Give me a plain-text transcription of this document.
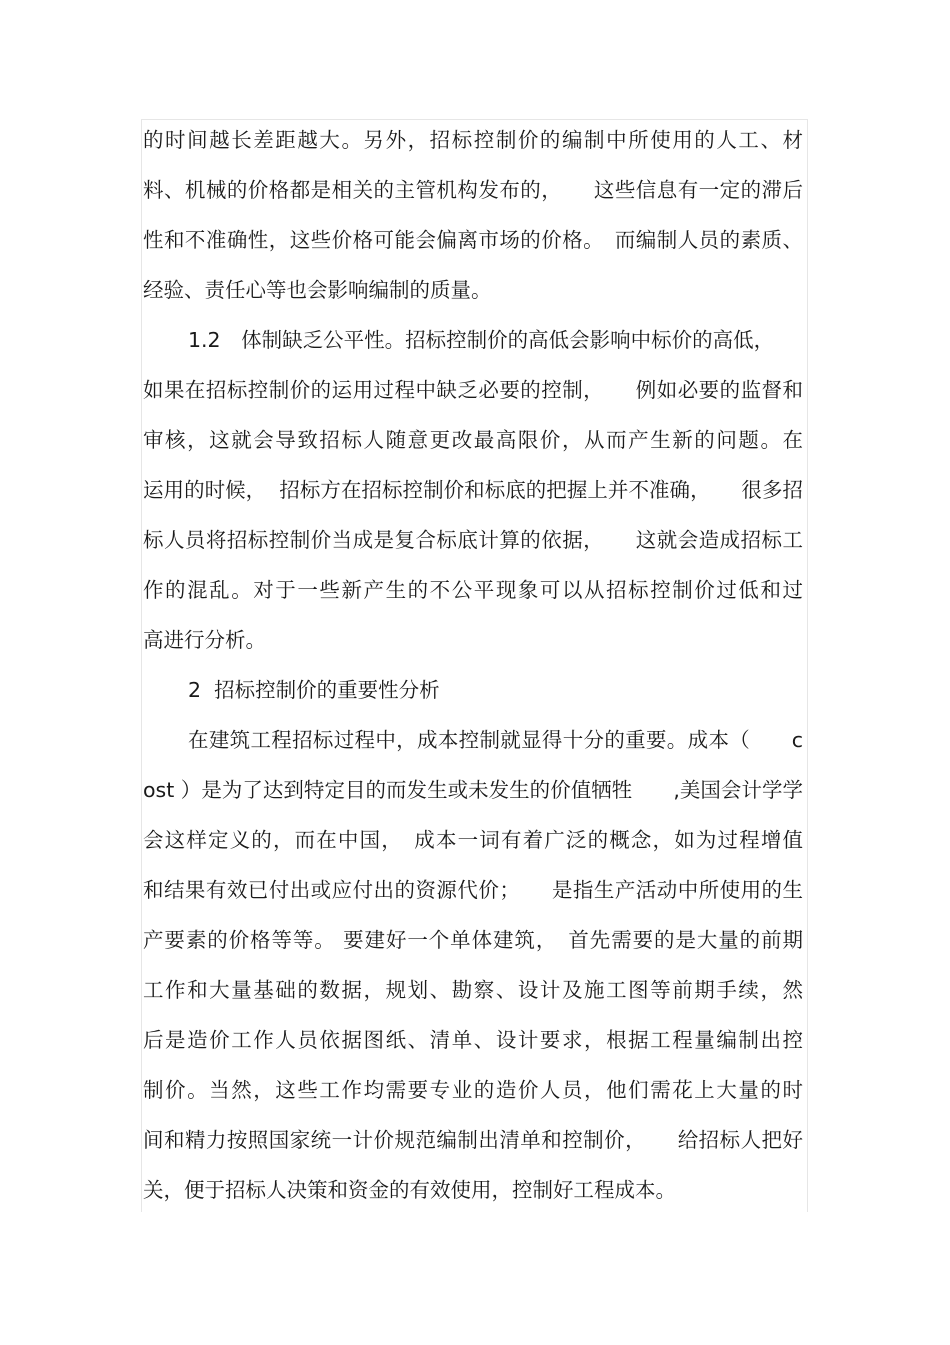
的时间越长差距越大。另外，招标控制价的编制中所使用的人工、材
料、机械的价格都是相关的主管机构发布的，　　这些信息有一定的滞后
性和不准确性，这些价格可能会偏离市场的价格。　而编制人员的素质、
经验、责任心等也会影响编制的质量。
1.2　体制缺乏公平性。招标控制价的高低会影响中标价的高低，
如果在招标控制价的运用过程中缺乏必要的控制，　　例如必要的监督和
审核，这就会导致招标人随意更改最高限价，从而产生新的问题。在
运用的时候，  招标方在招标控制价和标底的把握上并不准确，　　很多招
标人员将招标控制价当成是复合标底计算的依据，　　这就会造成招标工
作的混乱。对于一些新产生的不公平现象可以从招标控制价过低和过
高进行分析。
2  招标控制价的重要性分析
在建筑工程招标过程中，成本控制就显得十分的重要。成本（　　c
ost ）是为了达到特定目的而发生或未发生的价值牺牲　　,美国会计学学
会这样定义的，而在中国，　成本一词有着广泛的概念，如为过程增值
和结果有效已付出或应付出的资源代价；　　是指生产活动中所使用的生
产要素的价格等等。 要建好一个单体建筑，　首先需要的是大量的前期
工作和大量基础的数据，规划、勘察、设计及施工图等前期手续，然
后是造价工作人员依据图纸、清单、设计要求，根据工程量编制出控
制价。当然，这些工作均需要专业的造价人员，他们需花上大量的时
间和精力按照国家统一计价规范编制出清单和控制价，　　给招标人把好
关，便于招标人决策和资金的有效使用，控制好工程成本。
